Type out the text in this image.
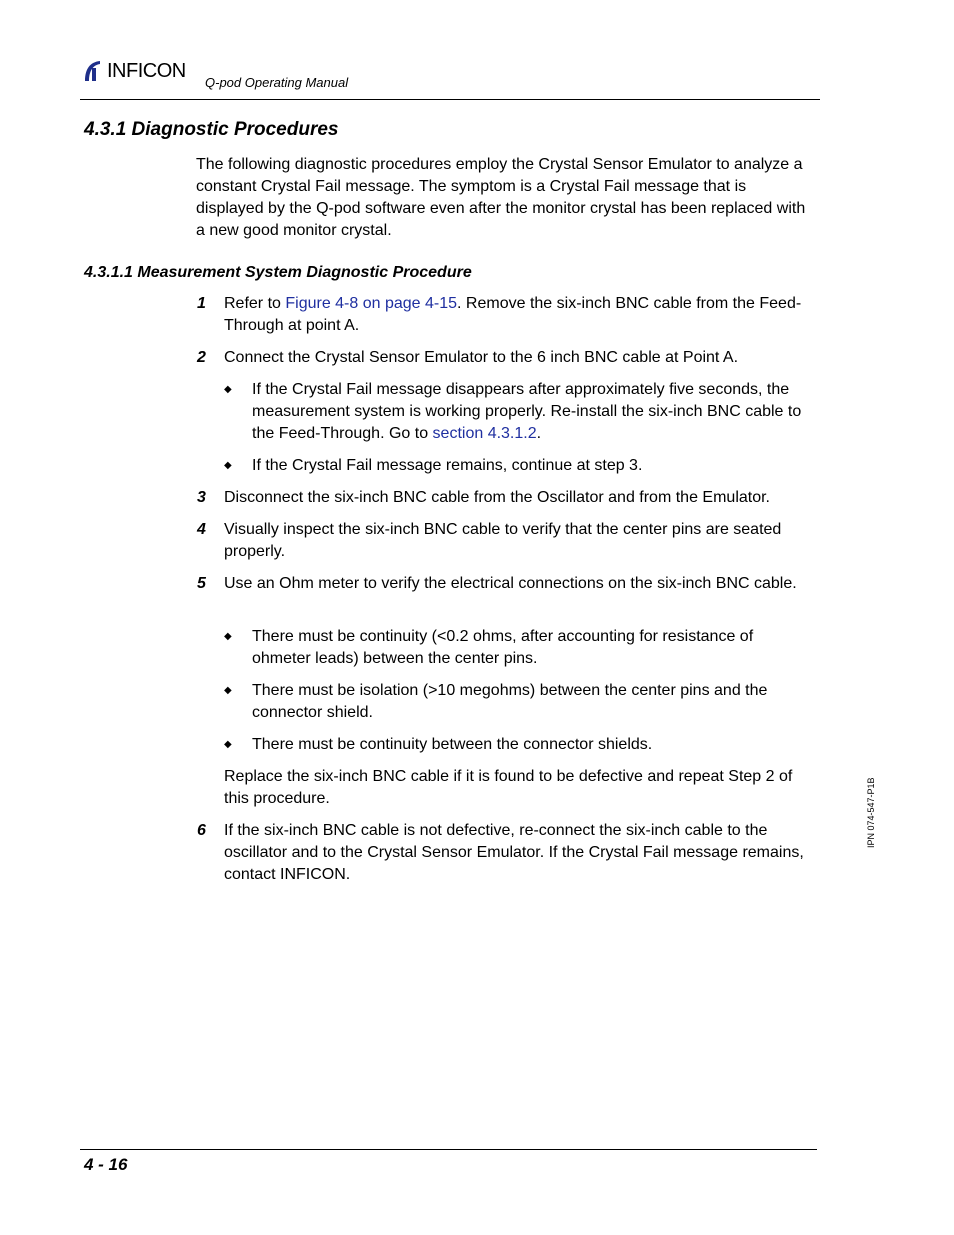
INFICON
Q-pod Operating Manual
4.3.1 Diagnostic Procedures
The following diagnostic procedures employ the Crystal Sensor Emulator to analyze a constant Crystal Fail message. The symptom is a Crystal Fail message that is displayed by the Q-pod software even after the monitor crystal has been replaced with a new good monitor crystal.
4.3.1.1 Measurement System Diagnostic Procedure
1 Refer to Figure 4-8 on page 4-15. Remove the six-inch BNC cable from the Feed-Through at point A.
2 Connect the Crystal Sensor Emulator to the 6 inch BNC cable at Point A.
◆ If the Crystal Fail message disappears after approximately five seconds, the measurement system is working properly. Re-install the six-inch BNC cable to the Feed-Through. Go to section 4.3.1.2.
◆ If the Crystal Fail message remains, continue at step 3.
3 Disconnect the six-inch BNC cable from the Oscillator and from the Emulator.
4 Visually inspect the six-inch BNC cable to verify that the center pins are seated properly.
5 Use an Ohm meter to verify the electrical connections on the six-inch BNC cable.
◆ There must be continuity (<0.2 ohms, after accounting for resistance of ohmeter leads) between the center pins.
◆ There must be isolation (>10 megohms) between the center pins and the connector shield.
◆ There must be continuity between the connector shields.
Replace the six-inch BNC cable if it is found to be defective and repeat Step 2 of this procedure.
6 If the six-inch BNC cable is not defective, re-connect the six-inch cable to the oscillator and to the Crystal Sensor Emulator. If the Crystal Fail message remains, contact INFICON.
IPN 074-547-P1B
4 - 16
